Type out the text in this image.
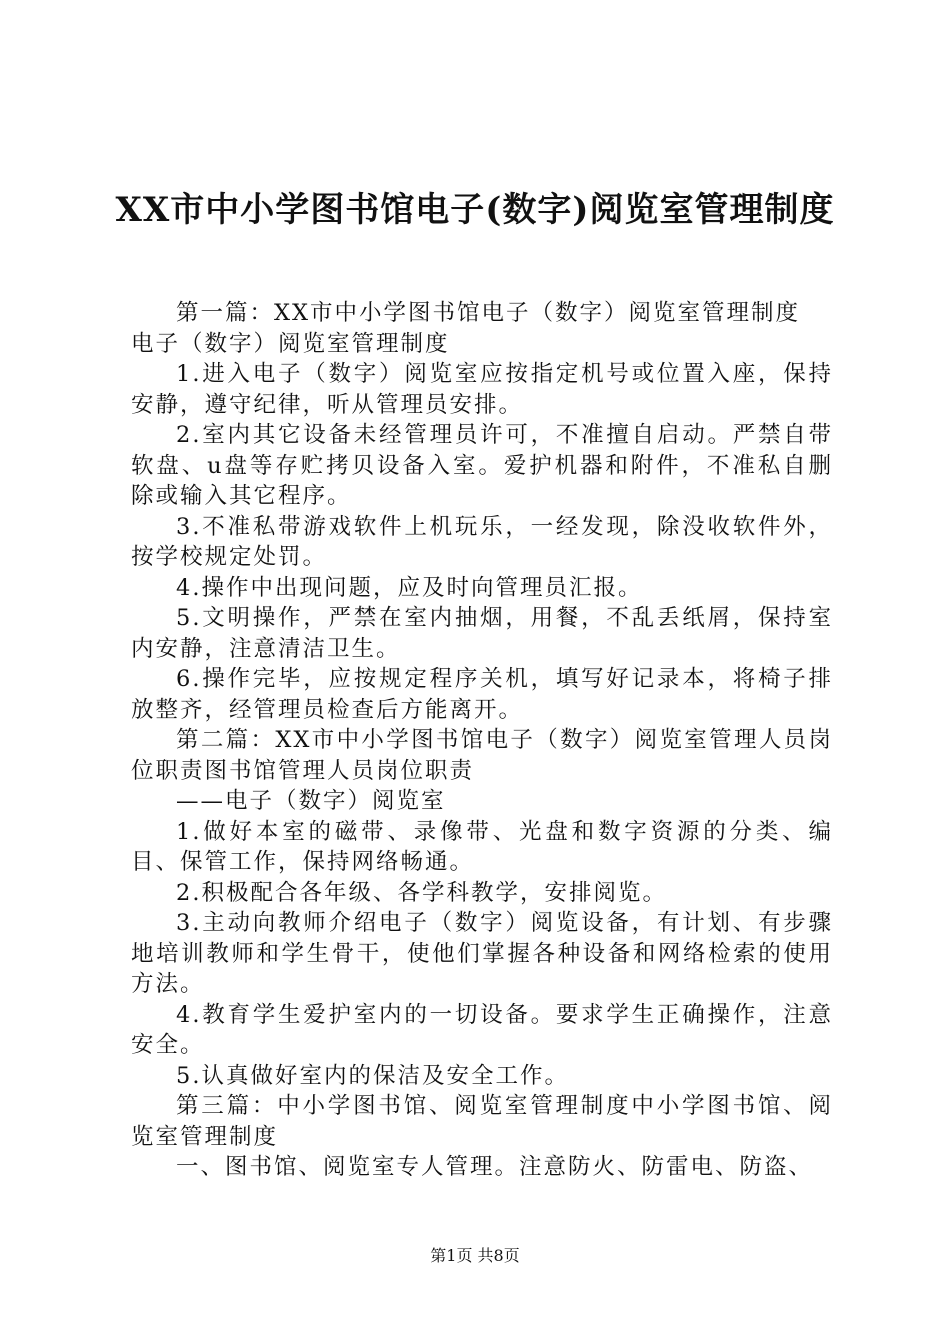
XX市中小学图书馆电子(数字)阅览室管理制度

第一篇：XX市中小学图书馆电子（数字）阅览室管理制度

电子（数字）阅览室管理制度

1.进入电子（数字）阅览室应按指定机号或位置入座，保持安静，遵守纪律，听从管理员安排。

2.室内其它设备未经管理员许可，不准擅自启动。严禁自带软盘、u盘等存贮拷贝设备入室。爱护机器和附件，不准私自删除或输入其它程序。

3.不准私带游戏软件上机玩乐，一经发现，除没收软件外，按学校规定处罚。

4.操作中出现问题，应及时向管理员汇报。

5.文明操作，严禁在室内抽烟，用餐，不乱丢纸屑，保持室内安静，注意清洁卫生。

6.操作完毕，应按规定程序关机，填写好记录本，将椅子排放整齐，经管理员检查后方能离开。

第二篇：XX市中小学图书馆电子（数字）阅览室管理人员岗位职责图书馆管理人员岗位职责

——电子（数字）阅览室

1.做好本室的磁带、录像带、光盘和数字资源的分类、编目、保管工作，保持网络畅通。

2.积极配合各年级、各学科教学，安排阅览。

3.主动向教师介绍电子（数字）阅览设备，有计划、有步骤地培训教师和学生骨干，使他们掌握各种设备和网络检索的使用方法。

4.教育学生爱护室内的一切设备。要求学生正确操作，注意安全。

5.认真做好室内的保洁及安全工作。

第三篇：中小学图书馆、阅览室管理制度中小学图书馆、阅览室管理制度

一、图书馆、阅览室专人管理。注意防火、防雷电、防盗、

第1页 共8页
